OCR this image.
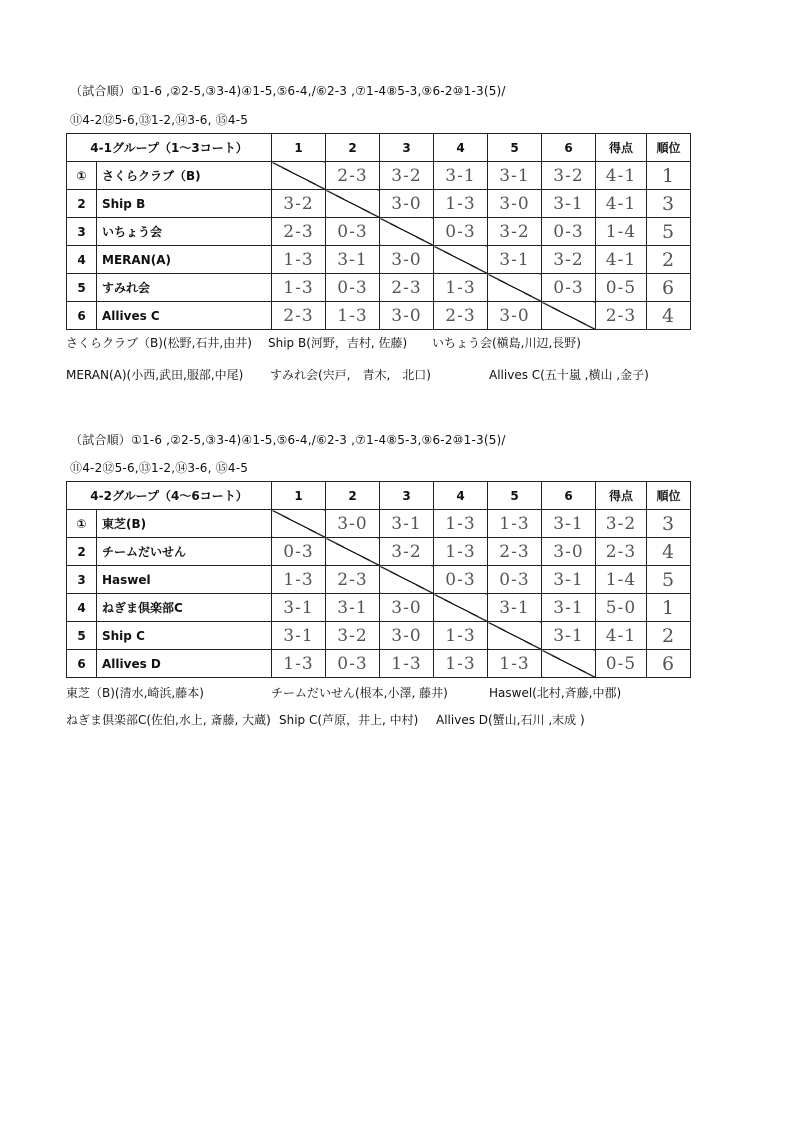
（試合順）①1-6 ,②2-5,③3-4)④1-5,⑤6-4,/⑥2-3 ,⑦1-4⑧5-3,⑨6-2⑩1-3(5)/
⑪4-2⑫5-6,⑬1-2,⑭3-6, ⑮4-5
4-1グループ（1～3コート）		1	2	3	4	5	6	得点	順位
①	さくらクラブ（B)		2-3	3-2	3-1	3-1	3-2	4-1	1
2	Ship B	3-2		3-0	1-3	3-0	3-1	4-1	3
3	いちょう会	2-3	0-3		0-3	3-2	0-3	1-4	5
4	MERAN(A)	1-3	3-1	3-0		3-1	3-2	4-1	2
5	すみれ会	1-3	0-3	2-3	1-3		0-3	0-5	6
6	Allives C	2-3	1-3	3-0	2-3	3-0		2-3	4
さくらクラブ（B)(松野,石井,由井) Ship B(河野，吉村, 佐藤) いちょう会(槇島,川辺,長野)
MERAN(A)(小西,武田,服部,中尾) すみれ会(宍戸,　青木,　北口)	Allives C(五十嵐 ,横山 ,金子)
（試合順）①1-6 ,②2-5,③3-4)④1-5,⑤6-4,/⑥2-3 ,⑦1-4⑧5-3,⑨6-2⑩1-3(5)/
⑪4-2⑫5-6,⑬1-2,⑭3-6, ⑮4-5
4-2グループ（4～6コート）		1	2	3	4	5	6	得点	順位
①	東芝(B)		3-0	3-1	1-3	1-3	3-1	3-2	3
2	チームだいせん	0-3		3-2	1-3	2-3	3-0	2-3	4
3	Haswel	1-3	2-3		0-3	0-3	3-1	1-4	5
4	ねぎま倶楽部C	3-1	3-1	3-0		3-1	3-1	5-0	1
5	Ship C	3-1	3-2	3-0	1-3		3-1	4-1	2
6	Allives D	1-3	0-3	1-3	1-3	1-3		0-5	6
東芝（B)(清水,崎浜,藤本)	チームだいせん(根本,小澤, 藤井)	Haswel(北村,斉藤,中郡)
ねぎま倶楽部C(佐伯,水上, 斎藤, 大蔵) Ship C(芦原，井上, 中村) Allives D(蟹山,石川 ,末成 )
